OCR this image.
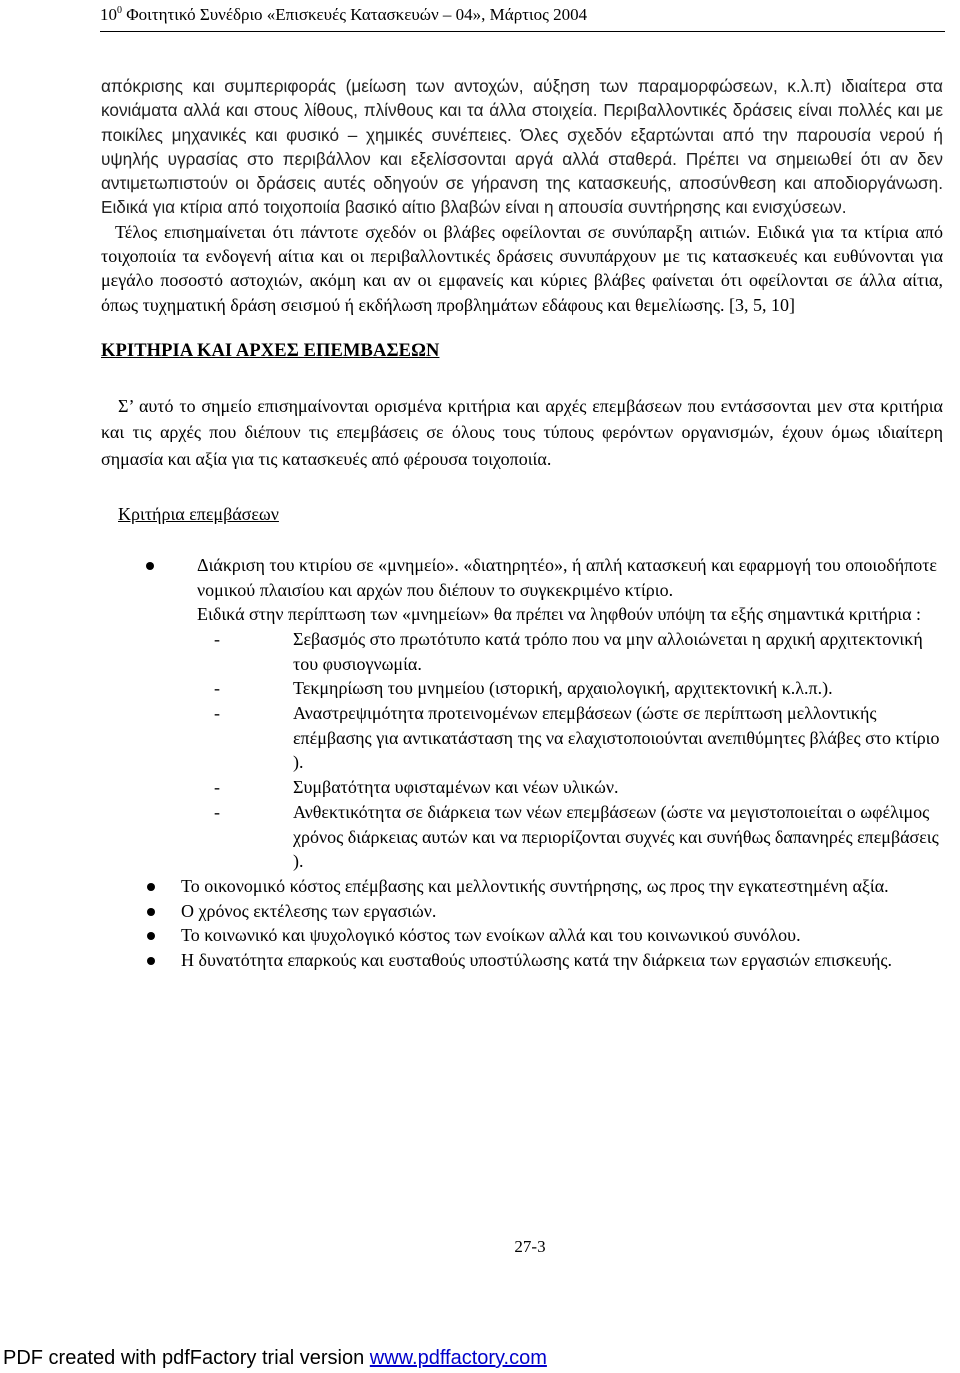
$10^0$ Φοιτητικό Συνέδριο «Επισκευές Κατασκευών – 04», Μάρτιος 2004

απόκρισης και συμπεριφοράς (μείωση των αντοχών, αύξηση των παραμορφώσεων, κ.λ.π) ιδιαίτερα στα κονιάματα αλλά και στους λίθους, πλίνθους και τα άλλα στοιχεία. Περιβαλλοντικές δράσεις είναι πολλές και με ποικίλες μηχανικές και φυσικό – χημικές συνέπειες. Όλες σχεδόν εξαρτώνται από την παρουσία νερού ή υψηλής υγρασίας στο περιβάλλον και εξελίσσονται αργά αλλά σταθερά. Πρέπει να σημειωθεί ότι αν δεν αντιμετωπιστούν οι δράσεις αυτές οδηγούν σε γήρανση της κατασκευής, αποσύνθεση και αποδιοργάνωση. Ειδικά για κτίρια από τοιχοποιία βασικό αίτιο βλαβών είναι η απουσία συντήρησης και ενισχύσεων.

Τέλος επισημαίνεται ότι πάντοτε σχεδόν οι βλάβες οφείλονται σε συνύπαρξη αιτιών. Ειδικά για τα κτίρια από τοιχοποιία τα ενδογενή αίτια και οι περιβαλλοντικές δράσεις συνυπάρχουν με τις κατασκευές και ευθύνονται για μεγάλο ποσοστό αστοχιών, ακόμη και αν οι εμφανείς και κύριες βλάβες φαίνεται ότι οφείλονται σε άλλα αίτια, όπως τυχηματική δράση σεισμού ή εκδήλωση προβλημάτων εδάφους και θεμελίωσης. [3, 5, 10]

ΚΡΙΤΗΡΙΑ ΚΑΙ ΑΡΧΕΣ ΕΠΕΜΒΑΣΕΩΝ

Σ’ αυτό το σημείο επισημαίνονται ορισμένα κριτήρια και αρχές επεμβάσεων που εντάσσονται μεν στα κριτήρια και τις αρχές που διέπουν τις επεμβάσεις σε όλους τους τύπους φερόντων οργανισμών, έχουν όμως ιδιαίτερη σημασία και αξία για τις κατασκευές από φέρουσα τοιχοποιία.

Κριτήρια επεμβάσεων

Διάκριση του κτιρίου σε «μνημείο». «διατηρητέο», ή απλή κατασκευή και εφαρμογή του οποιοδήποτε νομικού πλαισίου και αρχών που διέπουν το συγκεκριμένο κτίριο.

Ειδικά στην περίπτωση των «μνημείων» θα πρέπει να ληφθούν υπόψη τα εξής σημαντικά κριτήρια :

-	Σεβασμός στο πρωτότυπο κατά τρόπο που να μην αλλοιώνεται η αρχική αρχιτεκτονική του φυσιογνωμία.
-	Τεκμηρίωση του μνημείου (ιστορική, αρχαιολογική, αρχιτεκτονική κ.λ.π.).
-	Αναστρεψιμότητα προτεινομένων επεμβάσεων (ώστε σε περίπτωση μελλοντικής επέμβασης για αντικατάσταση της να ελαχιστοποιούνται ανεπιθύμητες βλάβες στο κτίριο ).
-	Συμβατότητα υφισταμένων και νέων υλικών.
-	Ανθεκτικότητα σε διάρκεια των νέων επεμβάσεων (ώστε να μεγιστοποιείται ο ωφέλιμος χρόνος διάρκειας αυτών και να περιορίζονται συχνές και συνήθως δαπανηρές επεμβάσεις ).
Το οικονομικό κόστος επέμβασης και μελλοντικής συντήρησης, ως προς την εγκατεστημένη αξία.
Ο χρόνος εκτέλεσης των εργασιών.
Το κοινωνικό και ψυχολογικό κόστος των ενοίκων αλλά και του κοινωνικού συνόλου.
Η δυνατότητα επαρκούς και ευσταθούς υποστύλωσης κατά την διάρκεια των εργασιών επισκευής.
27-3
PDF created with pdfFactory trial version www.pdffactory.com
